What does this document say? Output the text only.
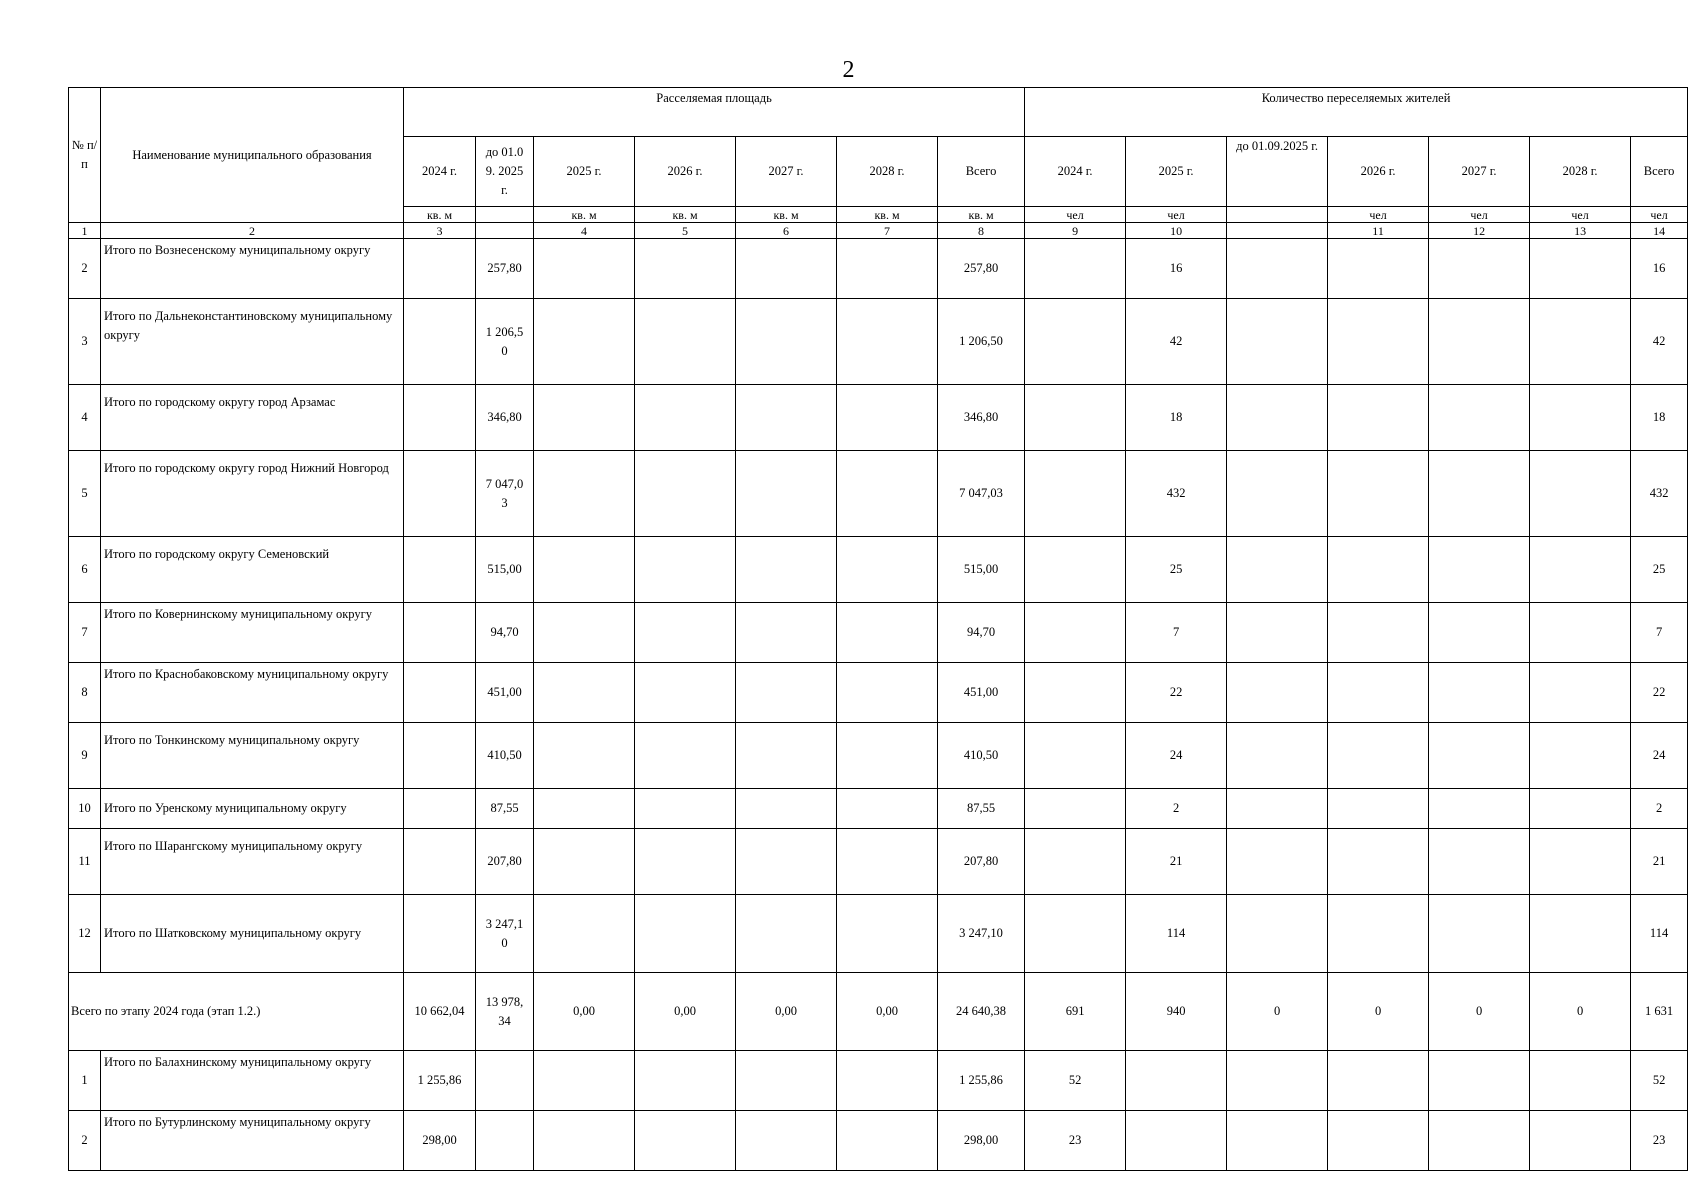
2
№ п/п	Наименование муниципального образования	Расселяемая площадь							Количество переселяемых жителей						
		2024 г.	до 01.09. 2025 г.	2025 г.	2026 г.	2027 г.	2028 г.	Всего	2024 г.	2025 г.	до 01.09.2025 г.	2026 г.	2027 г.	2028 г.	Всего
		кв. м		кв. м	кв. м	кв. м	кв. м	кв. м	чел	чел		чел	чел	чел	чел
1	2	3		4	5	6	7	8	9	10		11	12	13	14
2	Итого по Вознесенскому муниципальному округу		257,80					257,80		16					16
3	Итого по Дальнеконстантиновскому муниципальному округу		1 206,50					1 206,50		42					42
4	Итого по городскому округу город Арзамас		346,80					346,80		18					18
5	Итого по городскому округу город Нижний Новгород		7 047,03					7 047,03		432					432
6	Итого по городскому округу Семеновский		515,00					515,00		25					25
7	Итого по Ковернинскому муниципальному округу		94,70					94,70		7					7
8	Итого по Краснобаковскому муниципальному округу		451,00					451,00		22					22
9	Итого по Тонкинскому муниципальному округу		410,50					410,50		24					24
10	Итого по Уренскому муниципальному округу		87,55					87,55		2					2
11	Итого по Шарангскому муниципальному округу		207,80					207,80		21					21
12	Итого по Шатковскому муниципальному округу		3 247,10					3 247,10		114					114
Всего по этапу 2024 года (этап 1.2.)		10 662,04	13 978,34	0,00	0,00	0,00	0,00	24 640,38	691	940	0	0	0	0	1 631
1	Итого по Балахнинскому муниципальному округу	1 255,86						1 255,86	52						52
2	Итого по Бутурлинскому муниципальному округу	298,00						298,00	23						23
